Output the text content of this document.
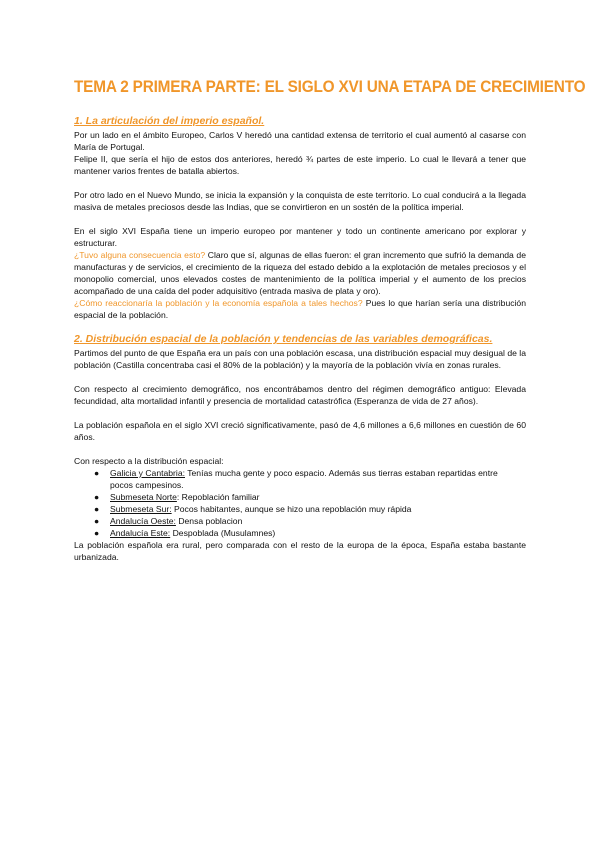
TEMA 2 PRIMERA PARTE: EL SIGLO XVI UNA ETAPA DE CRECIMIENTO
1. La articulación del imperio español.

Por un lado en el ámbito Europeo, Carlos V heredó una cantidad extensa de territorio el cual aumentó al casarse con María de Portugal.

Felipe II, que sería el hijo de estos dos anteriores, heredó ¾ partes de este imperio. Lo cual le llevará a tener que mantener varios frentes de batalla abiertos.

Por otro lado en el Nuevo Mundo, se inicia la expansión y la conquista de este territorio. Lo cual conducirá a la llegada masiva de metales preciosos desde las Indias, que se convirtieron en un sostén de la política imperial.

En el siglo XVI España tiene un imperio europeo por mantener y todo un continente americano por explorar y estructurar.

¿Tuvo alguna consecuencia esto? Claro que sí, algunas de ellas fueron: el gran incremento que sufrió la demanda de manufacturas y de servicios, el crecimiento de la riqueza del estado debido a la explotación de metales preciosos y el monopolio comercial, unos elevados costes de mantenimiento de la política imperial y el aumento de los precios acompañado de una caída del poder adquisitivo (entrada masiva de plata y oro).

¿Cómo reaccionaría la población y la economía española a tales hechos? Pues lo que harían sería una distribución espacial de la población.

2. Distribución espacial de la población y tendencias de las variables demográficas.

Partimos del punto de que España era un país con una población escasa, una distribución espacial muy desigual de la población (Castilla concentraba casi el 80% de la población) y la mayoría de la población vivía en zonas rurales.

Con respecto al crecimiento demográfico, nos encontrábamos dentro del régimen demográfico antiguo: Elevada fecundidad, alta mortalidad infantil y presencia de mortalidad catastrófica (Esperanza de vida de 27 años).

La población española en el siglo XVI creció significativamente, pasó de 4,6 millones a 6,6 millones en cuestión de 60 años.

Con respecto a la distribución espacial:

● Galicia y Cantabria: Tenías mucha gente y poco espacio. Además sus tierras estaban repartidas entre
pocos campesinos.
● Submeseta Norte: Repoblación familiar
● Submeseta Sur: Pocos habitantes, aunque se hizo una repoblación muy rápida
● Andalucía Oeste: Densa poblacion
● Andalucía Este: Despoblada (Musulamnes)

La población española era rural, pero comparada con el resto de la europa de la época, España estaba bastante urbanizada.
